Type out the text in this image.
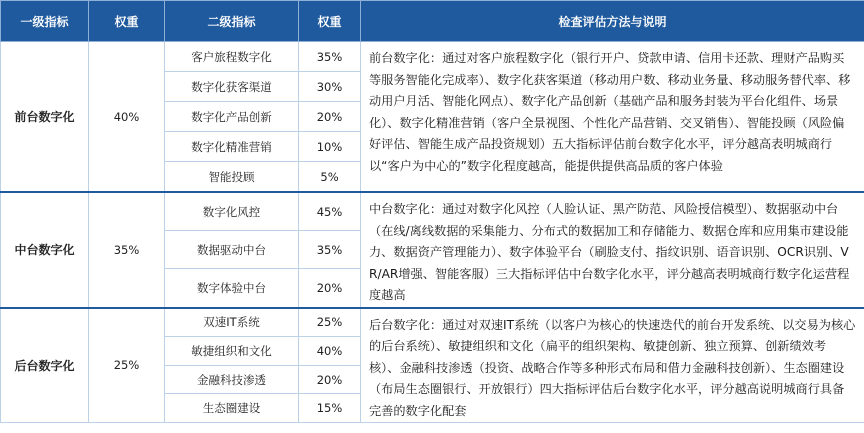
一级指标	权重	二级指标	权重	检查评估方法与说明
前台数字化	40%	客户旅程数字化	35%	前台数字化：通过对客户旅程数字化（银行开户、贷款申请、信用卡还款、理财产品购买等服务智能化完成率）、数字化获客渠道（移动用户数、移动业务量、移动服务替代率、移动用户月活、智能化网点）、数字化产品创新（基础产品和服务封装为平台化组件、场景化）、数字化精准营销（客户全景视图、个性化产品营销、交叉销售）、智能投顾（风险偏好评估、智能生成产品投资规划）五大指标评估前台数字化水平，评分越高表明城商行以“客户为中心的”数字化程度越高，能提供提供高品质的客户体验
		数字化获客渠道	30%	
		数字化产品创新	20%	
		数字化精准营销	10%	
		智能投顾	5%	
中台数字化	35%	数字化风控	45%	中台数字化：通过对数字化风控（人脸认证、黑产防范、风险授信模型）、数据驱动中台（在线/离线数据的采集能力、分布式的数据加工和存储能力、数据仓库和应用集市建设能力、数据资产管理能力）、数字体验平台（刷脸支付、指纹识别、语音识别、OCR识别、VR/AR增强、智能客服）三大指标评估中台数字化水平，评分越高表明城商行数字化运营程度越高
		数据驱动中台	35%	
		数字体验中台	20%	
后台数字化	25%	双速IT系统	25%	后台数字化：通过对双速IT系统（以客户为核心的快速迭代的前台开发系统、以交易为核心的后台系统）、敏捷组织和文化（扁平的组织架构、敏捷创新、独立预算、创新绩效考核）、金融科技渗透（投资、战略合作等多种形式布局和借力金融科技创新）、生态圈建设（布局生态圈银行、开放银行）四大指标评估后台数字化水平，评分越高说明城商行具备完善的数字化配套
		敏捷组织和文化	40%	
		金融科技渗透	20%	
		生态圈建设	15%	
